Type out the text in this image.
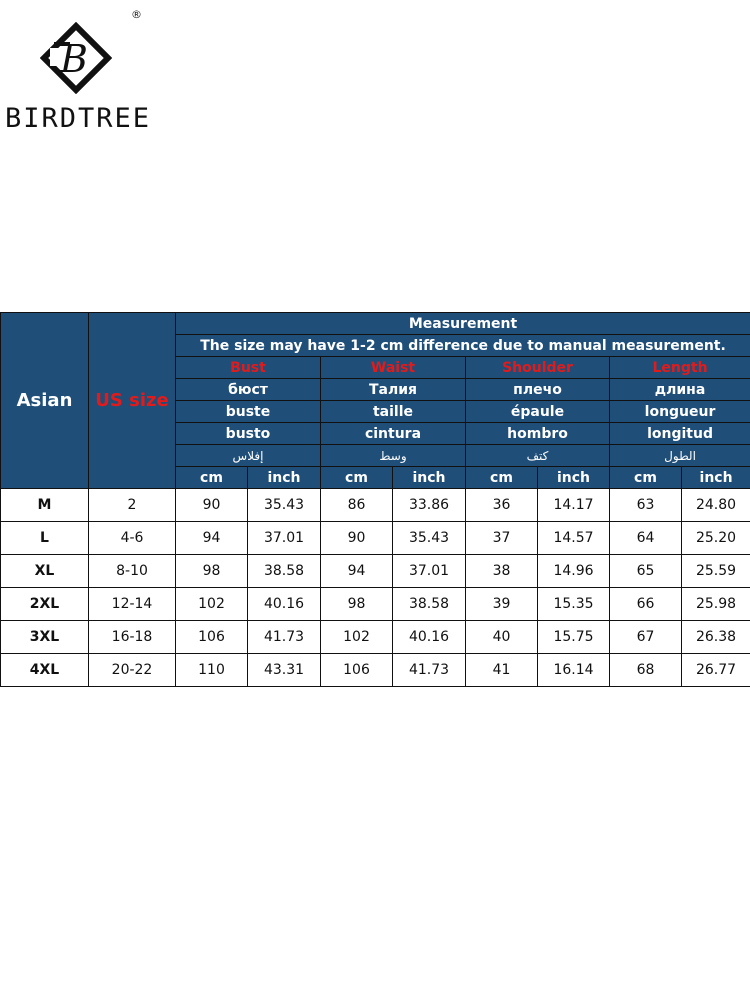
B
®
BIRDTREE
Asian	US size	Measurement							
		The size may have 1-2 cm difference due to manual measurement.							
		Bust		Waist		Shoulder		Length	
		бюст		Талия		плечо		длина	
		buste		taille		épaule		longueur	
		busto		cintura		hombro		longitud	
		إفلاس		وسط		كتف		الطول	
		cm	inch	cm	inch	cm	inch	cm	inch
M	2	90	35.43	86	33.86	36	14.17	63	24.80
L	4-6	94	37.01	90	35.43	37	14.57	64	25.20
XL	8-10	98	38.58	94	37.01	38	14.96	65	25.59
2XL	12-14	102	40.16	98	38.58	39	15.35	66	25.98
3XL	16-18	106	41.73	102	40.16	40	15.75	67	26.38
4XL	20-22	110	43.31	106	41.73	41	16.14	68	26.77
